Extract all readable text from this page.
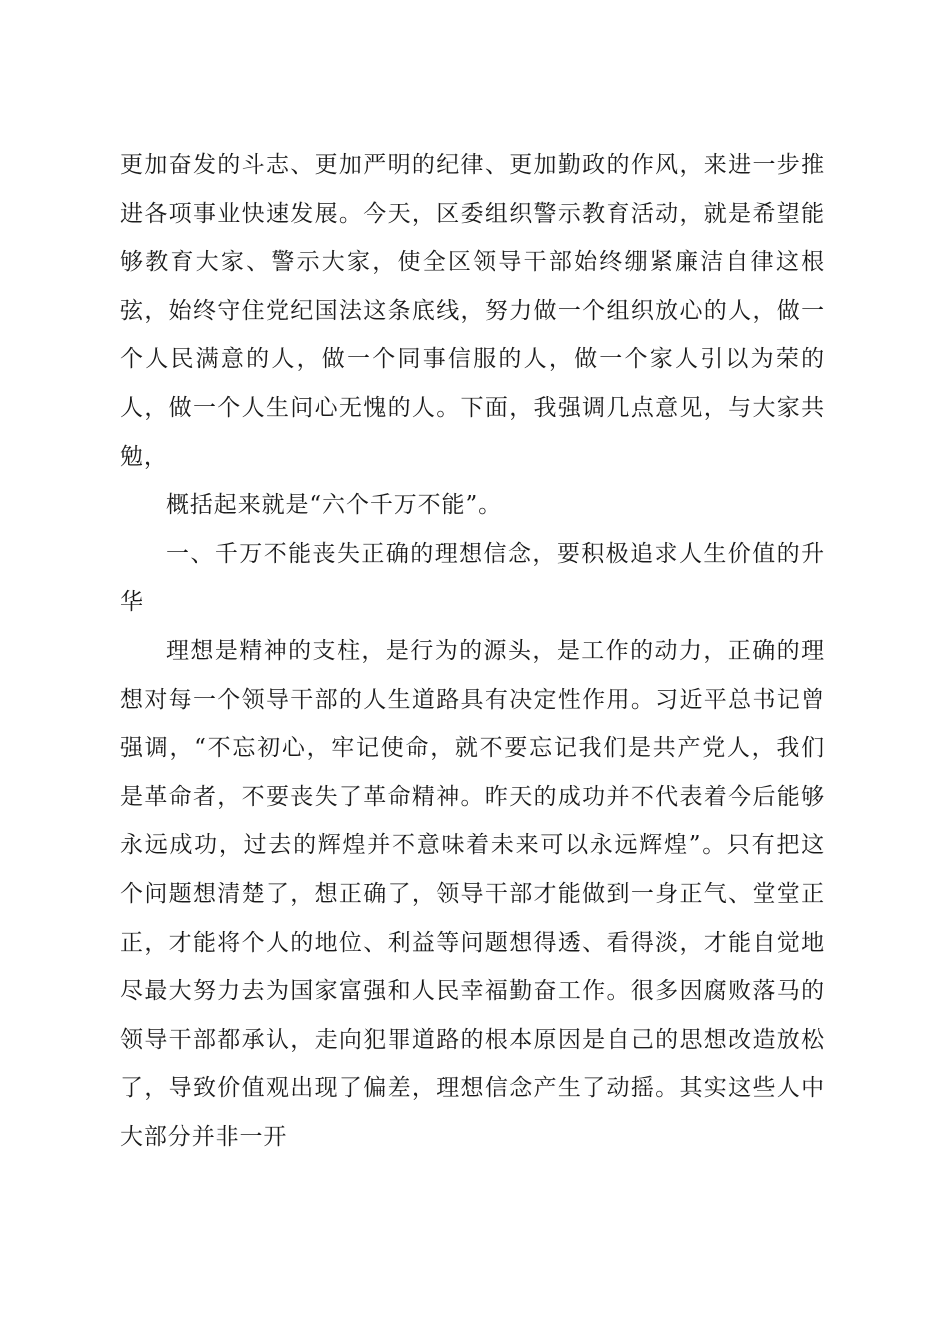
更加奋发的斗志、更加严明的纪律、更加勤政的作风，来进一步推进各项事业快速发展。今天，区委组织警示教育活动，就是希望能够教育大家、警示大家，使全区领导干部始终绷紧廉洁自律这根弦，始终守住党纪国法这条底线，努力做一个组织放心的人，做一个人民满意的人，做一个同事信服的人，做一个家人引以为荣的人，做一个人生问心无愧的人。下面，我强调几点意见，与大家共勉，

概括起来就是“六个千万不能”。

一、千万不能丧失正确的理想信念，要积极追求人生价值的升华

理想是精神的支柱，是行为的源头，是工作的动力，正确的理想对每一个领导干部的人生道路具有决定性作用。习近平总书记曾强调，“不忘初心，牢记使命，就不要忘记我们是共产党人，我们是革命者，不要丧失了革命精神。昨天的成功并不代表着今后能够永远成功，过去的辉煌并不意味着未来可以永远辉煌”。只有把这个问题想清楚了，想正确了，领导干部才能做到一身正气、堂堂正正，才能将个人的地位、利益等问题想得透、看得淡，才能自觉地尽最大努力去为国家富强和人民幸福勤奋工作。很多因腐败落马的领导干部都承认，走向犯罪道路的根本原因是自己的思想改造放松了，导致价值观出现了偏差，理想信念产生了动摇。其实这些人中大部分并非一开
